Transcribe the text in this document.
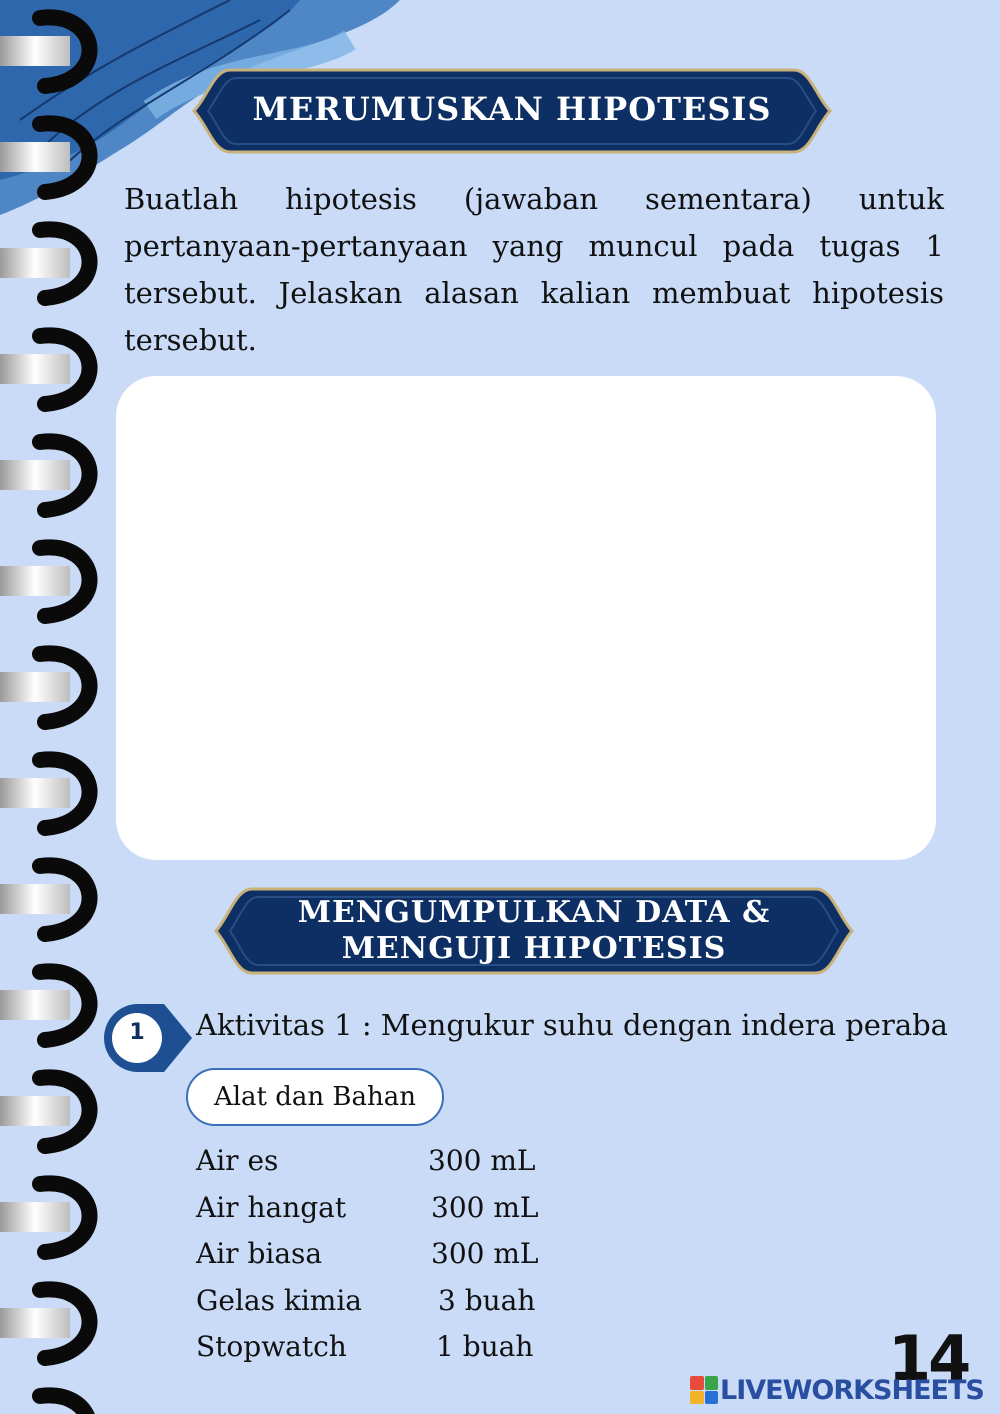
MERUMUSKAN HIPOTESIS

Buatlah hipotesis (jawaban sementara) untuk pertanyaan-pertanyaan yang muncul pada tugas 1 tersebut. Jelaskan alasan kalian membuat hipotesis tersebut.

MENGUMPULKAN DATA &
MENGUJI HIPOTESIS
1	Aktivitas 1 : Mengukur suhu dengan indera peraba
Alat dan Bahan
Air es	300 mL
Air hangat	300 mL
Air biasa	300 mL
Gelas kimia	3 buah
Stopwatch	1 buah	14
LIVEWORKSHEETS
